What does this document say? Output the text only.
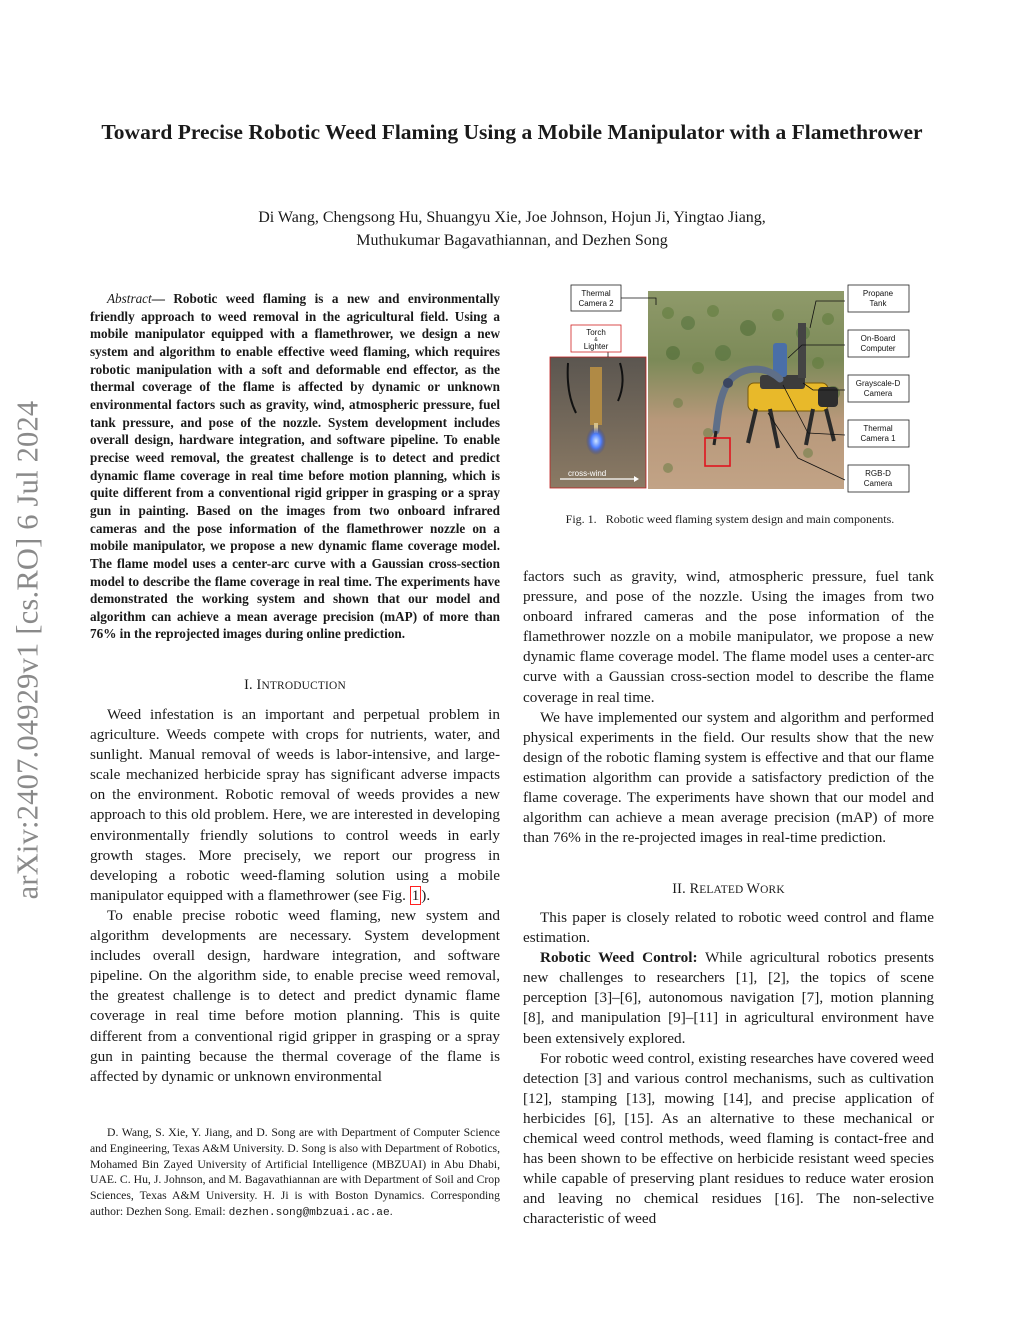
arXiv:2407.04929v1 [cs.RO] 6 Jul 2024
Toward Precise Robotic Weed Flaming Using a Mobile Manipulator with a Flamethrower
Di Wang, Chengsong Hu, Shuangyu Xie, Joe Johnson, Hojun Ji, Yingtao Jiang,
Muthukumar Bagavathiannan, and Dezhen Song

Abstract— Robotic weed flaming is a new and environmentally friendly approach to weed removal in the agricultural field. Using a mobile manipulator equipped with a flamethrower, we design a new system and algorithm to enable effective weed flaming, which requires robotic manipulation with a soft and deformable end effector, as the thermal coverage of the flame is affected by dynamic or unknown environmental factors such as gravity, wind, atmospheric pressure, fuel tank pressure, and pose of the nozzle. System development includes overall design, hardware integration, and software pipeline. To enable precise weed removal, the greatest challenge is to detect and predict dynamic flame coverage in real time before motion planning, which is quite different from a conventional rigid gripper in grasping or a spray gun in painting. Based on the images from two onboard infrared cameras and the pose information of the flamethrower nozzle on a mobile manipulator, we propose a new dynamic flame coverage model. The flame model uses a center-arc curve with a Gaussian cross-section model to describe the flame coverage in real time. The experiments have demonstrated the working system and shown that our model and algorithm can achieve a mean average precision (mAP) of more than 76% in the reprojected images during online prediction.

I. INTRODUCTION

Weed infestation is an important and perpetual problem in agriculture. Weeds compete with crops for nutrients, water, and sunlight. Manual removal of weeds is labor-intensive, and large-scale mechanized herbicide spray has significant adverse impacts on the environment. Robotic removal of weeds provides a new approach to this old problem. Here, we are interested in developing environmentally friendly solutions to control weeds in early growth stages. More precisely, we report our progress in developing a robotic weed-flaming solution using a mobile manipulator equipped with a flamethrower (see Fig. 1 ).

To enable precise robotic weed flaming, new system and algorithm developments are necessary. System development includes overall design, hardware integration, and software pipeline. On the algorithm side, to enable precise weed removal, the greatest challenge is to detect and predict dynamic flame coverage in real time before motion planning. This is quite different from a conventional rigid gripper in grasping or a spray gun in painting because the thermal coverage of the flame is affected by dynamic or unknown environmental

D. Wang, S. Xie, Y. Jiang, and D. Song are with Department of Computer Science and Engineering, Texas A&M University. D. Song is also with Department of Robotics, Mohamed Bin Zayed University of Artificial Intelligence (MBZUAI) in Abu Dhabi, UAE. C. Hu, J. Johnson, and M. Bagavathiannan are with Department of Soil and Crop Sciences, Texas A&M University. H. Ji is with Boston Dynamics. Corresponding author: Dezhen Song. Email: dezhen.song@mbzuai.ac.ae.

cross-wind
Thermal
Camera 2
Torch
&
Lighter
Propane
Tank
On-Board
Computer
Grayscale-D
Camera
Thermal
Camera 1
RGB-D
Camera
Fig. 1. Robotic weed flaming system design and main components.

factors such as gravity, wind, atmospheric pressure, fuel tank pressure, and pose of the nozzle. Using the images from two onboard infrared cameras and the pose information of the flamethrower nozzle on a mobile manipulator, we propose a new dynamic flame coverage model. The flame model uses a center-arc curve with a Gaussian cross-section model to describe the flame coverage in real time.

We have implemented our system and algorithm and performed physical experiments in the field. Our results show that the new design of the robotic flaming system is effective and that our flame estimation algorithm can provide a satisfactory prediction of the flame coverage. The experiments have shown that our model and algorithm can achieve a mean average precision (mAP) of more than 76% in the re-projected images in real-time prediction.

II. RELATED WORK

This paper is closely related to robotic weed control and flame estimation.

Robotic Weed Control: While agricultural robotics presents new challenges to researchers [1], [2], the topics of scene perception [3]–[6], autonomous navigation [7], motion planning [8], and manipulation [9]–[11] in agricultural environment have been extensively explored.

For robotic weed control, existing researches have covered weed detection [3] and various control mechanisms, such as cultivation [12], stamping [13], mowing [14], and precise application of herbicides [6], [15]. As an alternative to these mechanical or chemical weed control methods, weed flaming is contact-free and has been shown to be effective on herbicide resistant weed species while capable of preserving plant residues to reduce water erosion and leaving no chemical residues [16]. The non-selective characteristic of weed
